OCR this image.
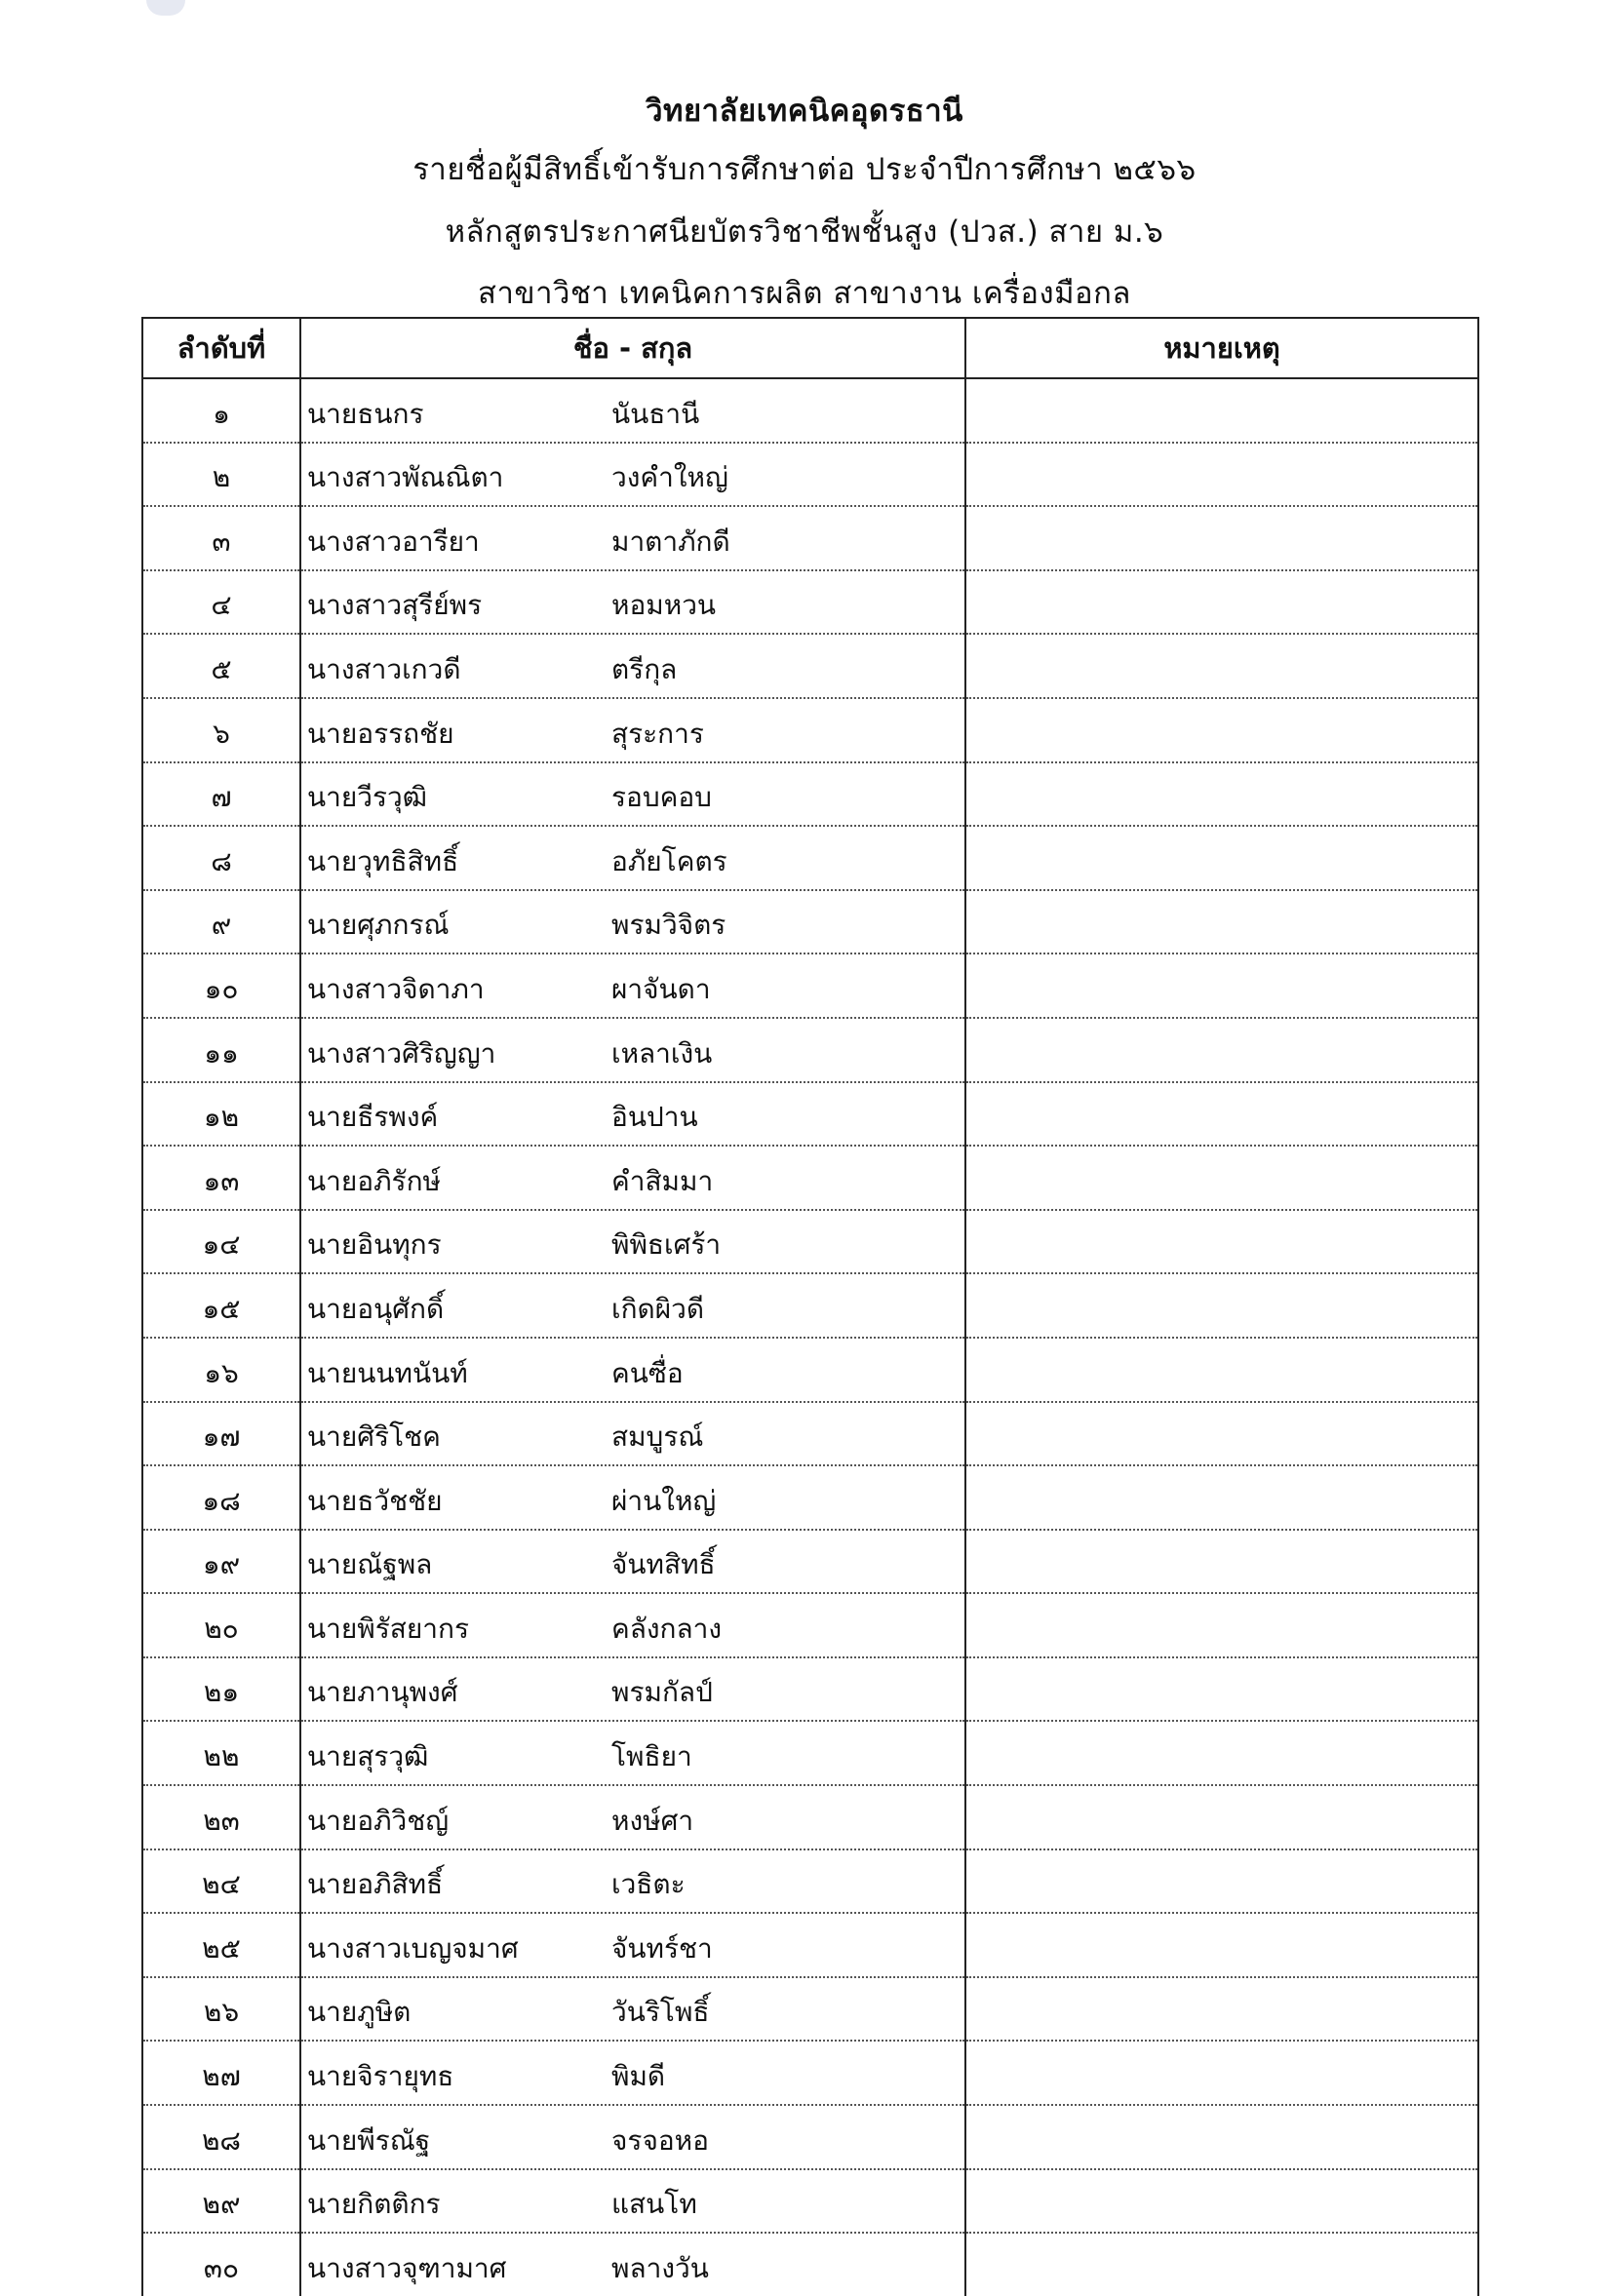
วิทยาลัยเทคนิคอุดรธานี
รายชื่อผู้มีสิทธิ์เข้ารับการศึกษาต่อ ประจำปีการศึกษา ๒๕๖๖
หลักสูตรประกาศนียบัตรวิชาชีพชั้นสูง (ปวส.) สาย ม.๖
สาขาวิชา เทคนิคการผลิต สาขางาน เครื่องมือกล
ลำดับที่	ชื่อ - สกุล	หมายเหตุ
๑	นายธนกร นันธานี	
๒	นางสาวพัณณิตา วงคำใหญ่	
๓	นางสาวอารียา มาตาภักดี	
๔	นางสาวสุรีย์พร หอมหวน	
๕	นางสาวเกวดี ตรีกุล	
๖	นายอรรถชัย สุระการ	
๗	นายวีรวุฒิ รอบคอบ	
๘	นายวุทธิสิทธิ์ อภัยโคตร	
๙	นายศุภกรณ์ พรมวิจิตร	
๑๐	นางสาวจิดาภา ผาจันดา	
๑๑	นางสาวศิริญญา เหลาเงิน	
๑๒	นายธีรพงค์ อินปาน	
๑๓	นายอภิรักษ์ คำสิมมา	
๑๔	นายอินทุกร พิพิธเศร้า	
๑๕	นายอนุศักดิ์ เกิดผิวดี	
๑๖	นายนนทนันท์ คนซื่อ	
๑๗	นายศิริโชค สมบูรณ์	
๑๘	นายธวัชชัย ผ่านใหญ่	
๑๙	นายณัฐพล จันทสิทธิ์	
๒๐	นายพิรัสยากร คลังกลาง	
๒๑	นายภานุพงศ์ พรมกัลป์	
๒๒	นายสุรวุฒิ โพธิยา	
๒๓	นายอภิวิชญ์ หงษ์ศา	
๒๔	นายอภิสิทธิ์ เวธิตะ	
๒๕	นางสาวเบญจมาศ จันทร์ชา	
๒๖	นายภูษิต วันริโพธิ์	
๒๗	นายจิรายุทธ พิมดี	
๒๘	นายพีรณัฐ จรจอหอ	
๒๙	นายกิตติกร แสนโท	
๓๐	นางสาวจุฑามาศ พลางวัน	
